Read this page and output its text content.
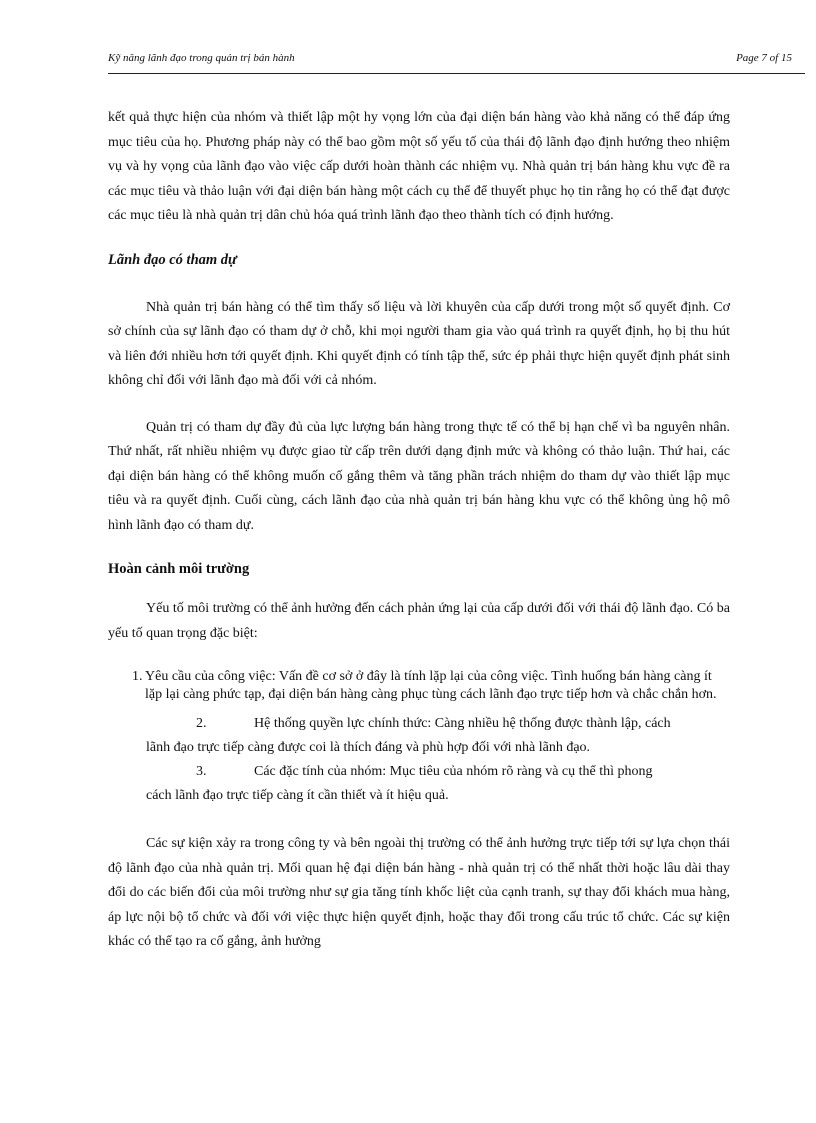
Kỹ năng lãnh đạo trong quản trị bán hành	Page 7 of 15

kết quả thực hiện của nhóm và thiết lập một hy vọng lớn của đại diện bán hàng vào khả năng có thể đáp ứng mục tiêu của họ. Phương pháp này có thể bao gồm một số yếu tố của thái độ lãnh đạo định hướng theo nhiệm vụ và hy vọng của lãnh đạo vào việc cấp dưới hoàn thành các nhiệm vụ. Nhà quản trị bán hàng khu vực đề ra các mục tiêu và thảo luận với đại diện bán hàng một cách cụ thể để thuyết phục họ tin rằng họ có thể đạt được các mục tiêu là nhà quản trị dân chủ hóa quá trình lãnh đạo theo thành tích có định hướng.

Lãnh đạo có tham dự

Nhà quản trị bán hàng có thể tìm thấy số liệu và lời khuyên của cấp dưới trong một số quyết định. Cơ sở chính của sự lãnh đạo có tham dự ở chỗ, khi mọi người tham gia vào quá trình ra quyết định, họ bị thu hút và liên đới nhiều hơn tới quyết định. Khi quyết định có tính tập thể, sức ép phải thực hiện quyết định phát sinh không chỉ đối với lãnh đạo mà đối với cả nhóm.

Quản trị có tham dự đầy đủ của lực lượng bán hàng trong thực tế có thể bị hạn chế vì ba nguyên nhân. Thứ nhất, rất nhiều nhiệm vụ được giao từ cấp trên dưới dạng định mức và không có thảo luận. Thứ hai, các đại diện bán hàng có thể không muốn cố gắng thêm và tăng phần trách nhiệm do tham dự vào thiết lập mục tiêu và ra quyết định. Cuối cùng, cách lãnh đạo của nhà quản trị bán hàng khu vực có thể không ủng hộ mô hình lãnh đạo có tham dự.

Hoàn cảnh môi trường

Yếu tố môi trường có thể ảnh hưởng đến cách phản ứng lại của cấp dưới đối với thái độ lãnh đạo. Có ba yếu tố quan trọng đặc biệt:

1. Yêu cầu của công việc: Vấn đề cơ sở ở đây là tính lặp lại của công việc. Tình huống bán hàng càng ít lặp lại càng phức tạp, đại diện bán hàng càng phục tùng cách lãnh đạo trực tiếp hơn và chắc chắn hơn.
2.	Hệ thống quyền lực chính thức: Càng nhiều hệ thống được thành lập, cách
lãnh đạo trực tiếp càng được coi là thích đáng và phù hợp đối với nhà lãnh đạo.
3.	Các đặc tính của nhóm: Mục tiêu của nhóm rõ ràng và cụ thể thì phong
cách lãnh đạo trực tiếp càng ít cần thiết và ít hiệu quả.

Các sự kiện xảy ra trong công ty và bên ngoài thị trường có thể ảnh hưởng trực tiếp tới sự lựa chọn thái độ lãnh đạo của nhà quản trị. Mối quan hệ đại diện bán hàng - nhà quản trị có thể nhất thời hoặc lâu dài thay đổi do các biến đổi của môi trường như sự gia tăng tính khốc liệt của cạnh tranh, sự thay đổi khách mua hàng, áp lực nội bộ tổ chức và đối với việc thực hiện quyết định, hoặc thay đổi trong cấu trúc tổ chức. Các sự kiện khác có thể tạo ra cố gắng, ảnh hưởng
